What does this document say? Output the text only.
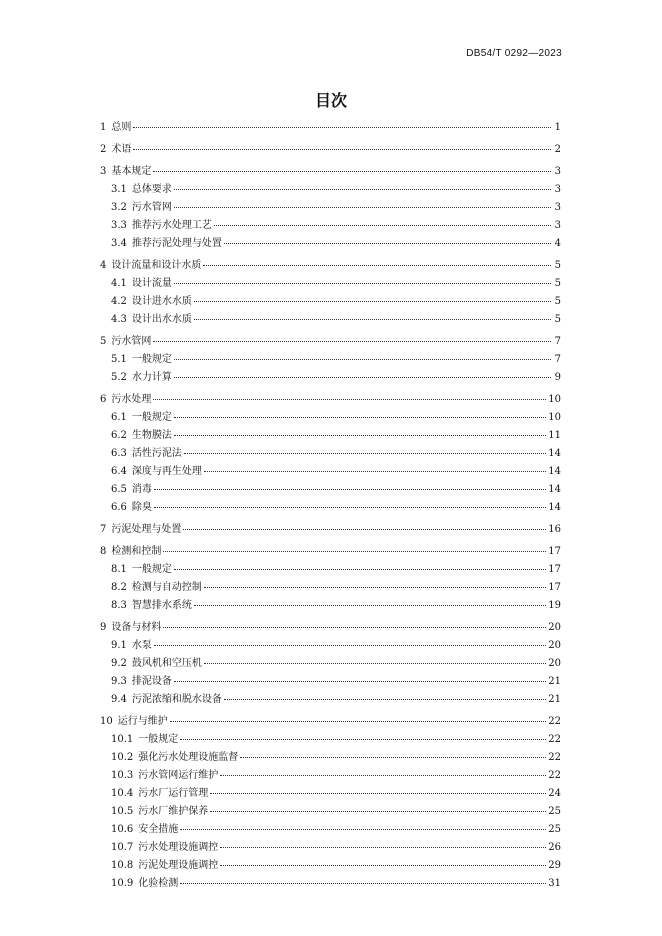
DB54/T 0292—2023
目次
1 总则	1
2 术语	2
3 基本规定	3
3.1 总体要求	3
3.2 污水管网	3
3.3 推荐污水处理工艺	3
3.4 推荐污泥处理与处置	4
4 设计流量和设计水质	5
4.1 设计流量	5
4.2 设计进水水质	5
4.3 设计出水水质	5
5 污水管网	7
5.1 一般规定	7
5.2 水力计算	9
6 污水处理	10
6.1 一般规定	10
6.2 生物膜法	11
6.3 活性污泥法	14
6.4 深度与再生处理	14
6.5 消毒	14
6.6 除臭	14
7 污泥处理与处置	16
8 检测和控制	17
8.1 一般规定	17
8.2 检测与自动控制	17
8.3 智慧排水系统	19
9 设备与材料	20
9.1 水泵	20
9.2 鼓风机和空压机	20
9.3 排泥设备	21
9.4 污泥浓缩和脱水设备	21
10 运行与维护	22
10.1 一般规定	22
10.2 强化污水处理设施监督	22
10.3 污水管网运行维护	22
10.4 污水厂运行管理	24
10.5 污水厂维护保养	25
10.6 安全措施	25
10.7 污水处理设施调控	26
10.8 污泥处理设施调控	29
10.9 化验检测	31
